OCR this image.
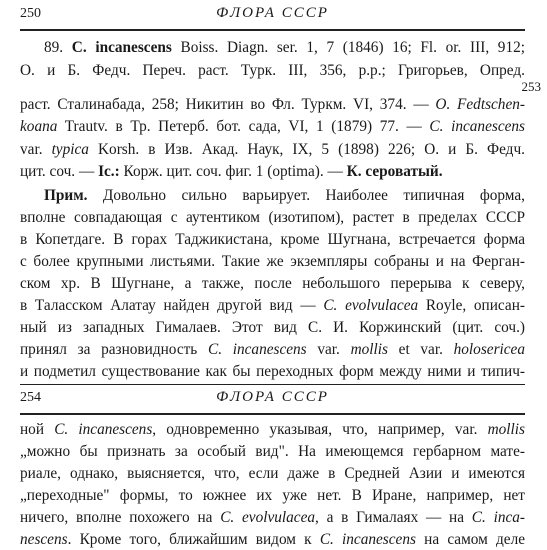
250	ФЛОРА СССР
89. C. incanescens Boiss. Diagn. ser. 1, 7 (1846) 16; Fl. or. III, 912;
О. и Б. Федч. Переч. раст. Турк. III, 356, р.р.; Григорьев, Опред.
253
раст. Сталинабада, 258; Никитин во Фл. Туркм. VI, 374. — O. Fedtschen-
koana Trautv. в Тр. Петерб. бот. сада, VI, 1 (1879) 77. — C. incanescens
var. typica Korsh. в Изв. Акад. Наук, IX, 5 (1898) 226; О. и Б. Федч.
цит. соч. — Ic.: Корж. цит. соч. фиг. 1 (optima). — К. сероватый.
Прим. Довольно сильно варьирует. Наиболее типичная форма,
вполне совпадающая с аутентиком (изотипом), растет в пределах СССР
в Копетдаге. В горах Таджикистана, кроме Шугнана, встречается форма
с более крупными листьями. Такие же экземпляры собраны и на Ферган-
ском хр. В Шугнане, а также, после небольшого перерыва к северу,
в Таласском Алатау найден другой вид — C. evolvulacea Royle, описан-
ный из западных Гималаев. Этот вид С. И. Коржинский (цит. соч.)
принял за разновидность C. incanescens var. mollis et var. holosericea
и подметил существование как бы переходных форм между ними и типич-
254	ФЛОРА СССР
ной C. incanescens, одновременно указывая, что, например, var. mollis
„можно бы признать за особый вид". На имеющемся гербарном мате-
риале, однако, выясняется, что, если даже в Средней Азии и имеются
„переходные" формы, то южнее их уже нет. В Иране, например, нет
ничего, вполне похожего на C. evolvulacea, а в Гималаях — на C. inca-
nescens. Кроме того, ближайшим видом к C. incanescens на самом деле
